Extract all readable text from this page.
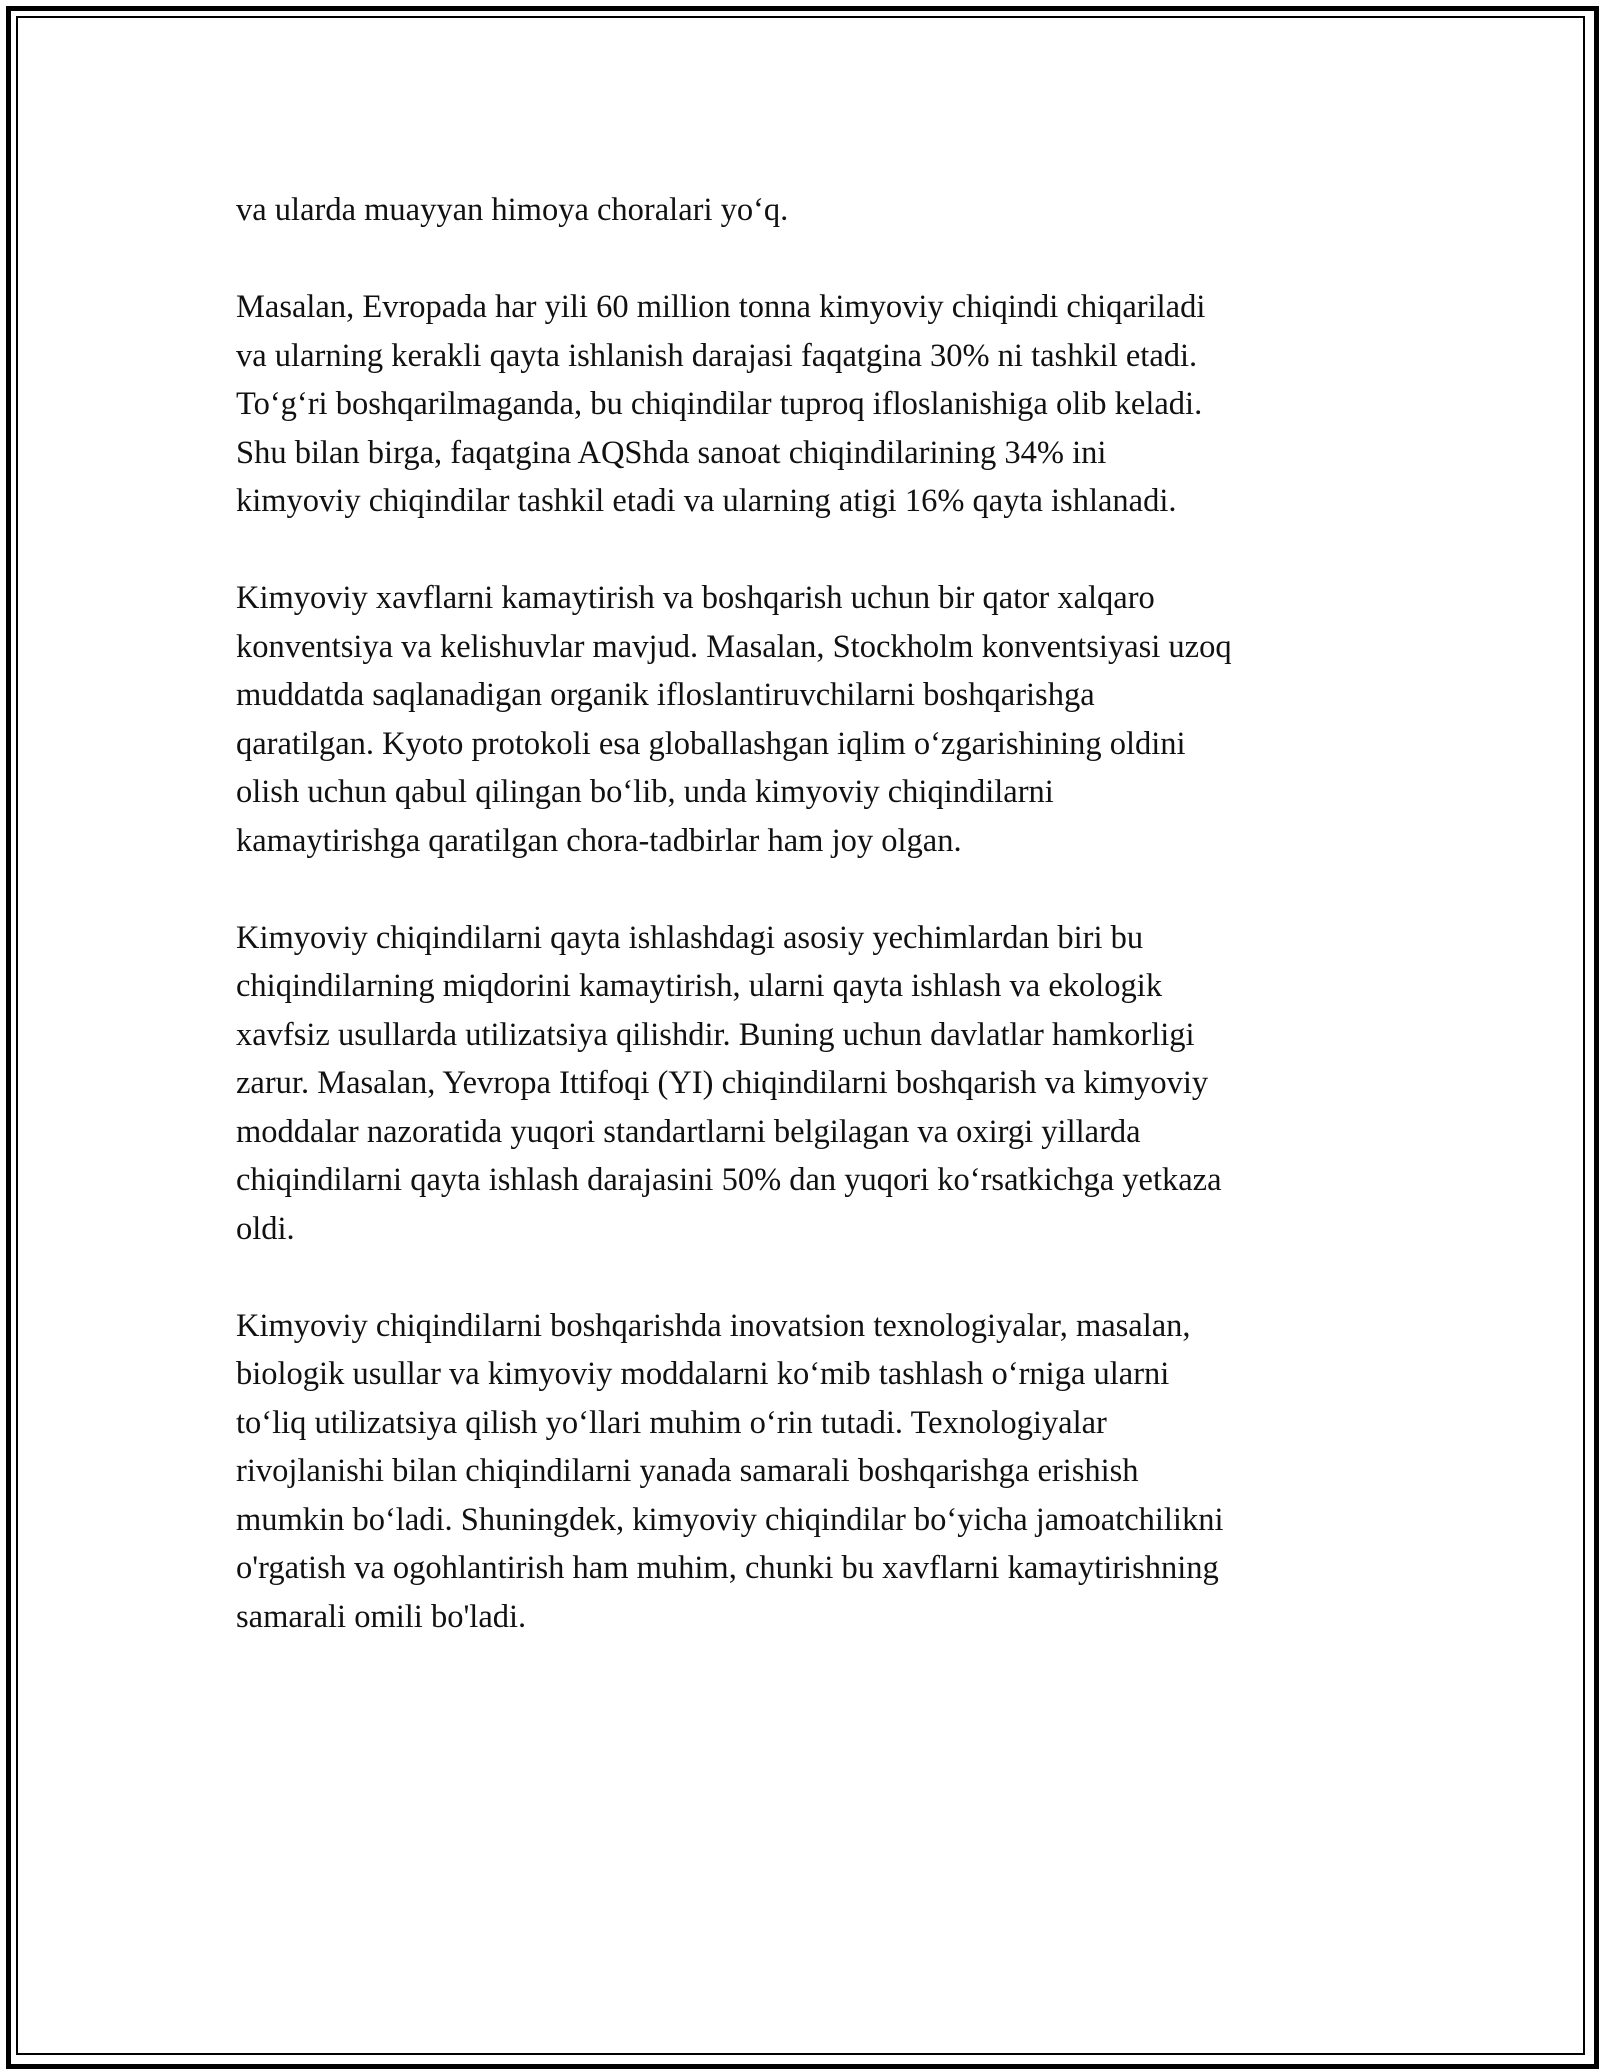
va ularda muayyan himoya choralari yo‘q.

Masalan, Evropada har yili 60 million tonna kimyoviy chiqindi chiqariladi
va ularning kerakli qayta ishlanish darajasi faqatgina 30% ni tashkil etadi.
To‘g‘ri boshqarilmaganda, bu chiqindilar tuproq ifloslanishiga olib keladi.
Shu bilan birga, faqatgina AQShda sanoat chiqindilarining 34% ini
kimyoviy chiqindilar tashkil etadi va ularning atigi 16% qayta ishlanadi.

Kimyoviy xavflarni kamaytirish va boshqarish uchun bir qator xalqaro
konventsiya va kelishuvlar mavjud. Masalan, Stockholm konventsiyasi uzoq
muddatda saqlanadigan organik ifloslantiruvchilarni boshqarishga
qaratilgan. Kyoto protokoli esa globallashgan iqlim o‘zgarishining oldini
olish uchun qabul qilingan bo‘lib, unda kimyoviy chiqindilarni
kamaytirishga qaratilgan chora-tadbirlar ham joy olgan.

Kimyoviy chiqindilarni qayta ishlashdagi asosiy yechimlardan biri bu
chiqindilarning miqdorini kamaytirish, ularni qayta ishlash va ekologik
xavfsiz usullarda utilizatsiya qilishdir. Buning uchun davlatlar hamkorligi
zarur. Masalan, Yevropa Ittifoqi (YI) chiqindilarni boshqarish va kimyoviy
moddalar nazoratida yuqori standartlarni belgilagan va oxirgi yillarda
chiqindilarni qayta ishlash darajasini 50% dan yuqori ko‘rsatkichga yetkaza
oldi.

Kimyoviy chiqindilarni boshqarishda inovatsion texnologiyalar, masalan,
biologik usullar va kimyoviy moddalarni ko‘mib tashlash o‘rniga ularni
to‘liq utilizatsiya qilish yo‘llari muhim o‘rin tutadi. Texnologiyalar
rivojlanishi bilan chiqindilarni yanada samarali boshqarishga erishish
mumkin bo‘ladi. Shuningdek, kimyoviy chiqindilar bo‘yicha jamoatchilikni
o'rgatish va ogohlantirish ham muhim, chunki bu xavflarni kamaytirishning
samarali omili bo'ladi.
